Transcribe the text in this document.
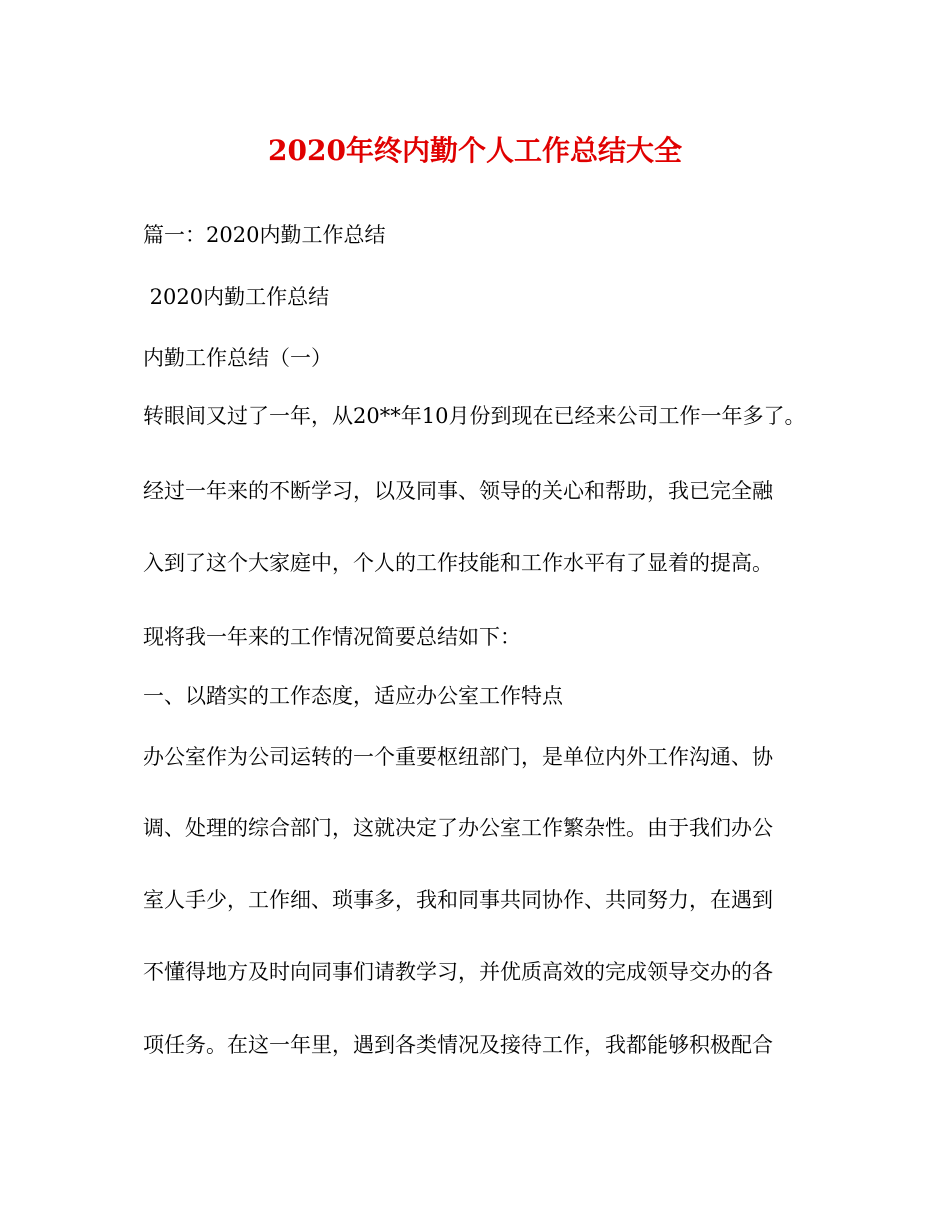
2020年终内勤个人工作总结大全

篇一：2020内勤工作总结

2020内勤工作总结

内勤工作总结（一）

转眼间又过了一年，从20**年10月份到现在已经来公司工作一年多了。

经过一年来的不断学习，以及同事、领导的关心和帮助，我已完全融

入到了这个大家庭中，个人的工作技能和工作水平有了显着的提高。

现将我一年来的工作情况简要总结如下：

一、以踏实的工作态度，适应办公室工作特点

办公室作为公司运转的一个重要枢纽部门，是单位内外工作沟通、协

调、处理的综合部门，这就决定了办公室工作繁杂性。由于我们办公

室人手少，工作细、琐事多，我和同事共同协作、共同努力，在遇到

不懂得地方及时向同事们请教学习，并优质高效的完成领导交办的各

项任务。在这一年里，遇到各类情况及接待工作，我都能够积极配合
